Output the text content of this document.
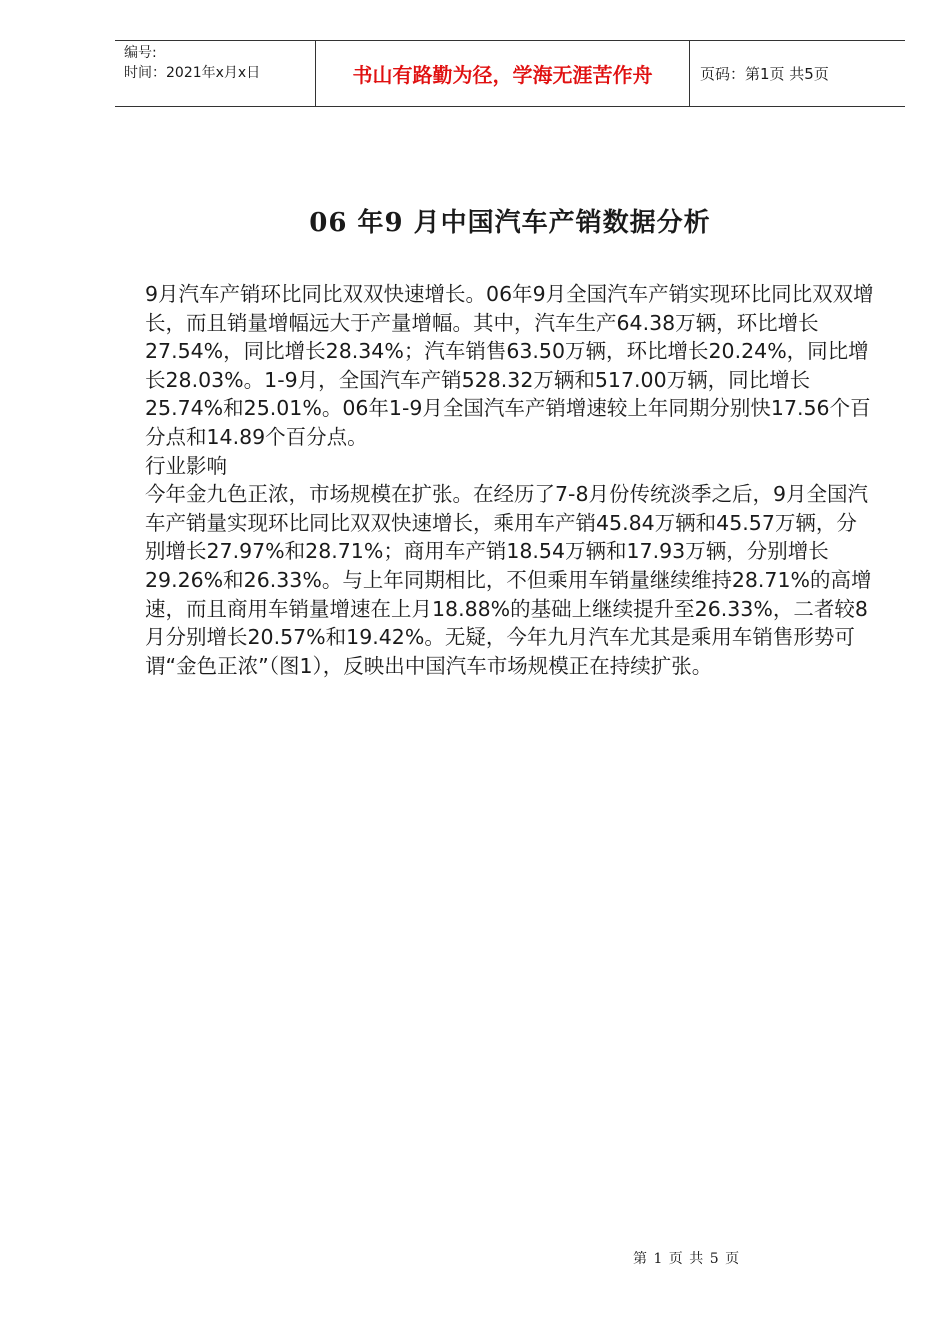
编号:
时间：2021年x月x日	书山有路勤为径，学海无涯苦作舟	页码：第1页 共5页
06 年9 月中国汽车产销数据分析

9月汽车产销环比同比双双快速增长。06年9月全国汽车产销实现环比同比双双增长，而且销量增幅远大于产量增幅。其中，汽车生产64.38万辆，环比增长27.54%，同比增长28.34%；汽车销售63.50万辆，环比增长20.24%，同比增长28.03%。1-9月，全国汽车产销528.32万辆和517.00万辆，同比增长25.74%和25.01%。06年1-9月全国汽车产销增速较上年同期分别快17.56个百分点和14.89个百分点。

行业影响

今年金九色正浓，市场规模在扩张。在经历了7-8月份传统淡季之后，9月全国汽车产销量实现环比同比双双快速增长，乘用车产销45.84万辆和45.57万辆，分别增长27.97%和28.71%；商用车产销18.54万辆和17.93万辆，分别增长29.26%和26.33%。与上年同期相比，不但乘用车销量继续维持28.71%的高增速，而且商用车销量增速在上月18.88%的基础上继续提升至26.33%，二者较8月分别增长20.57%和19.42%。无疑，今年九月汽车尤其是乘用车销售形势可谓“金色正浓”（图1），反映出中国汽车市场规模正在持续扩张。

第 1 页 共 5 页
